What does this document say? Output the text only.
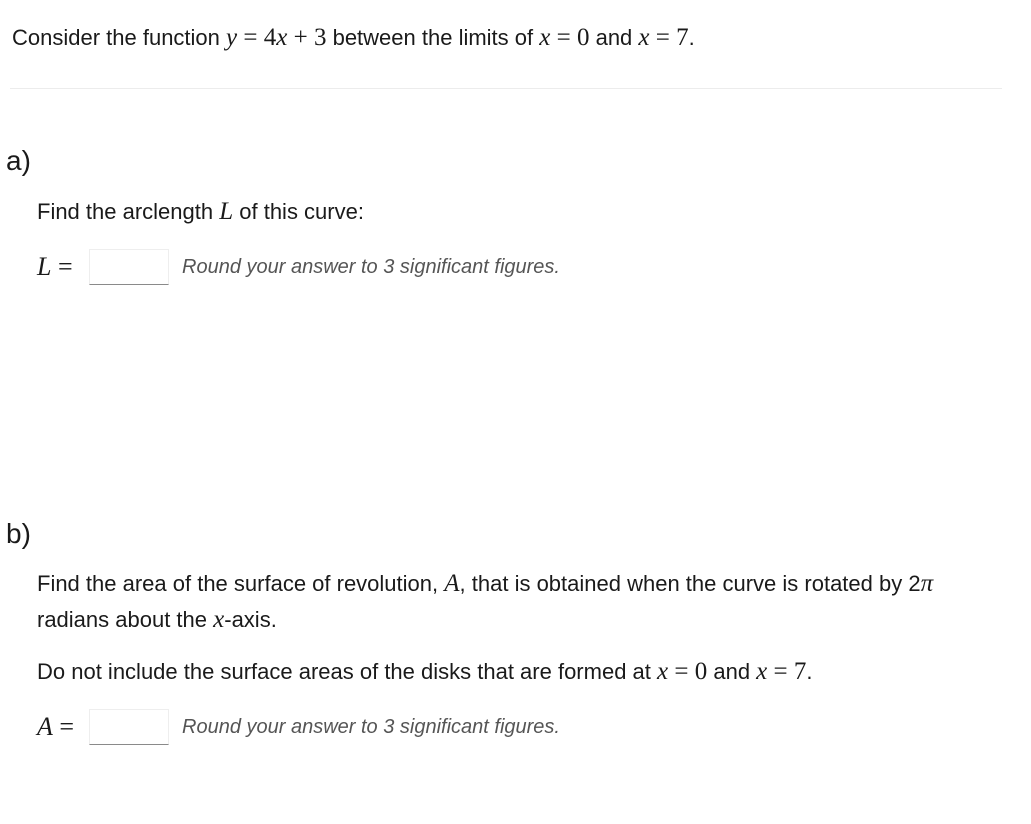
Consider the function y = 4x + 3 between the limits of x = 0 and x = 7.
a)
Find the arclength L of this curve:
L =	Round your answer to 3 significant figures.
b)
Find the area of the surface of revolution, A, that is obtained when the curve is rotated by 2π
radians about the x-axis.
Do not include the surface areas of the disks that are formed at x = 0 and x = 7.
A =	Round your answer to 3 significant figures.
